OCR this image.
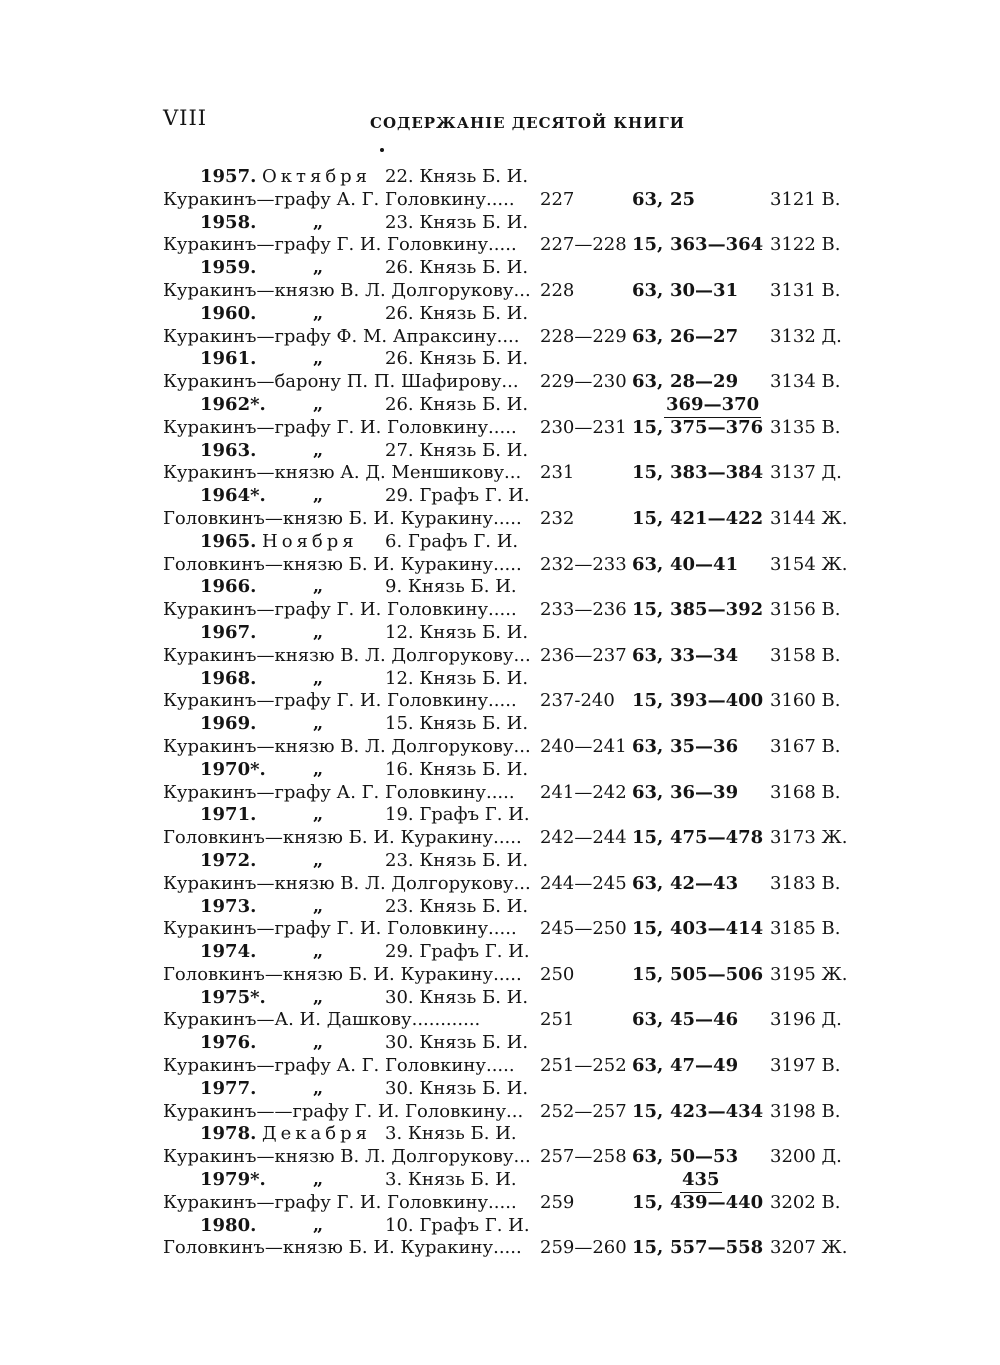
VIII	СОДЕРЖАНIЕ ДЕСЯТОЙ КНИГИ
1957. Октября 22. Князь Б. И.
Куракинъ—графу А. Г. Головкину.....	227	63, 25	3121 В.
1958.	„	23. Князь Б. И.
Куракинъ—графу Г. И. Головкину.....	227—228 15, 363—364 3122 В.
1959.	„	26. Князь Б. И.
Куракинъ—князю В. Л. Долгорукову... 228	63, 30—31	3131 В.
1960.	„	26. Князь Б. И.
Куракинъ—графу Ф. М. Апраксину....	228—229 63, 26—27	3132 Д.
1961.	„	26. Князь Б. И.
Куракинъ—барону П. П. Шафирову...	229—230 63, 28—29	3134 В.
1962*.	„	26. Князь Б. И.	369—370
Куракинъ—графу Г. И. Головкину.....	230—231 15, 375—376 3135 В.
1963.	„	27. Князь Б. И.
Куракинъ—князю А. Д. Меншикову...	231	15, 383—384 3137 Д.
1964*.	„	29. Графъ Г. И.
Головкинъ—князю Б. И. Куракину.....	232	15, 421—422 3144 Ж.
1965. Ноября 6. Графъ Г. И.
Головкинъ—князю Б. И. Куракину.....	232—233 63, 40—41	3154 Ж.
1966.	„	9. Князь Б. И.
Куракинъ—графу Г. И. Головкину.....	233—236 15, 385—392 3156 В.
1967.	„	12. Князь Б. И.
Куракинъ—князю В. Л. Долгорукову... 236—237 63, 33—34	3158 В.
1968.	„	12. Князь Б. И.
Куракинъ—графу Г. И. Головкину.....	237-240 15, 393—400 3160 В.
1969.	„	15. Князь Б. И.
Куракинъ—князю В. Л. Долгорукову... 240—241 63, 35—36	3167 В.
1970*.	„	16. Князь Б. И.
Куракинъ—графу А. Г. Головкину.....	241—242 63, 36—39	3168 В.
1971.	„	19. Графъ Г. И.
Головкинъ—князю Б. И. Куракину.....	242—244 15, 475—478 3173 Ж.
1972.	„	23. Князь Б. И.
Куракинъ—князю В. Л. Долгорукову... 244—245 63, 42—43	3183 В.
1973.	„	23. Князь Б. И.
Куракинъ—графу Г. И. Головкину.....	245—250 15, 403—414 3185 В.
1974.	„	29. Графъ Г. И.
Головкинъ—князю Б. И. Куракину.....	250	15, 505—506 3195 Ж.
1975*.	„	30. Князь Б. И.
Куракинъ—А. И. Дашкову............	251	63, 45—46	3196 Д.
1976.	„	30. Князь Б. И.
Куракинъ—графу А. Г. Головкину.....	251—252 63, 47—49	3197 В.
1977.	„	30. Князь Б. И.
Куракинъ——графу Г. И. Головкину... 252—257 15, 423—434 3198 В.
1978. Декабря 3. Князь Б. И.
Куракинъ—князю В. Л. Долгорукову... 257—258 63, 50—53	3200 Д.
1979*.	„	3. Князь Б. И.	435
Куракинъ—графу Г. И. Головкину.....	259	15, 439—440 3202 В.
1980.	„	10. Графъ Г. И.
Головкинъ—князю Б. И. Куракину.....	259—260 15, 557—558 3207 Ж.
